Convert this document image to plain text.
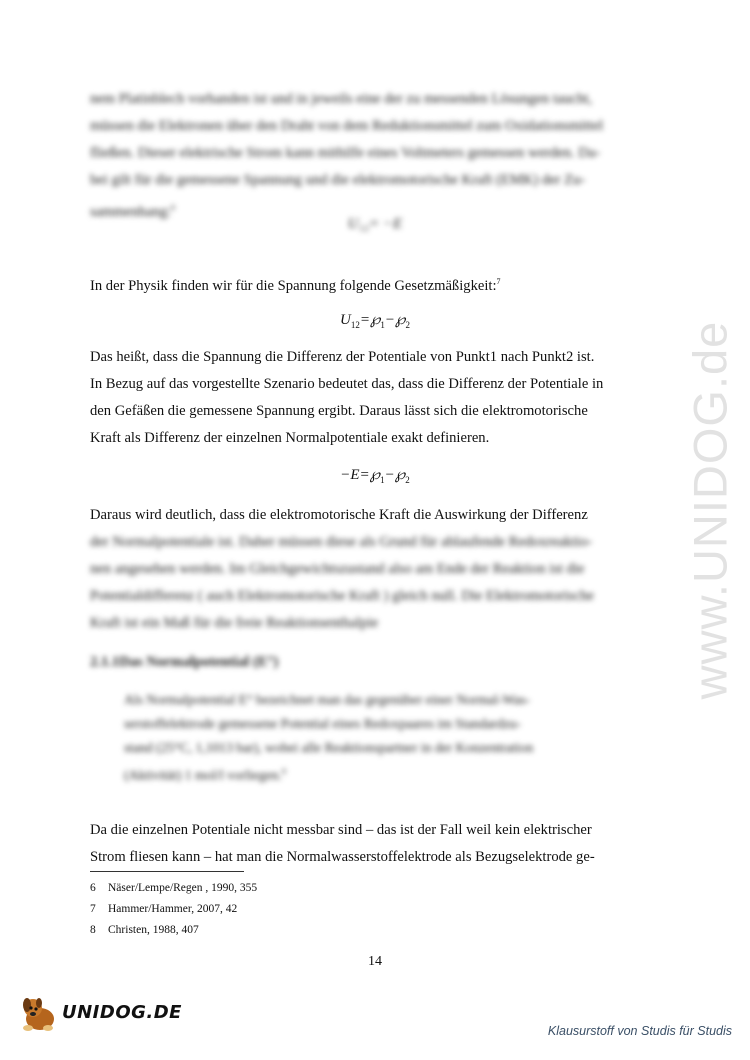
www.UNIDOG.de
nem Platinblech vorhanden ist und in jeweils eine der zu messenden Lösungen taucht,
müssen die Elektronen über den Draht von dem Reduktionsmittel zum Oxidationsmittel
fließen. Dieser elektrische Strom kann mithilfe eines Voltmeters gemessen werden. Da-
bei gilt für die gemessene Spannung und die elektromotorische Kraft (EMK) der Zu-
sammenhang:$^6$
U₁₂= −E
In der Physik finden wir für die Spannung folgende Gesetzmäßigkeit:$^7$
$U_{12}=℘_1-℘_2$
Das heißt, dass die Spannung die Differenz der Potentiale von Punkt1 nach Punkt2 ist.
In Bezug auf das vorgestellte Szenario bedeutet das, dass die Differenz der Potentiale in
den Gefäßen die gemessene Spannung ergibt. Daraus lässt sich die elektromotorische
Kraft als Differenz der einzelnen Normalpotentiale exakt definieren.
$-E=℘_1-℘_2$
Daraus wird deutlich, dass die elektromotorische Kraft die Auswirkung der Differenz
der Normalpotentiale ist. Daher müssen diese als Grund für ablaufende Redoxreaktio-
nen angesehen werden. Im Gleichgewichtszustand also am Ende der Reaktion ist die
Potentialdifferenz ( auch Elektromotorische Kraft ) gleich null. Die Elektromotorische
Kraft ist ein Maß für die freie Reaktionsenthalpie
2.1.1Das Normalpotential (E°)
Als Normalpotential E° bezeichnet man das gegenüber einer Normal-Was-
serstoffelektrode gemessene Potential eines Redoxpaares im Standardzu-
stand (25°C, 1,1013 bar), wobei alle Reaktionspartner in der Konzentration
(Aktivität) 1 mol/l vorliegen.$^8$
Da die einzelnen Potentiale nicht messbar sind – das ist der Fall weil kein elektrischer
Strom fliesen kann – hat man die Normalwasserstoffelektrode als Bezugselektrode ge-
6 Näser/Lempe/Regen , 1990, 355
7 Hammer/Hammer, 2007, 42
8 Christen, 1988, 407
14
UNIDOG.DE
Klausurstoff von Studis für Studis
